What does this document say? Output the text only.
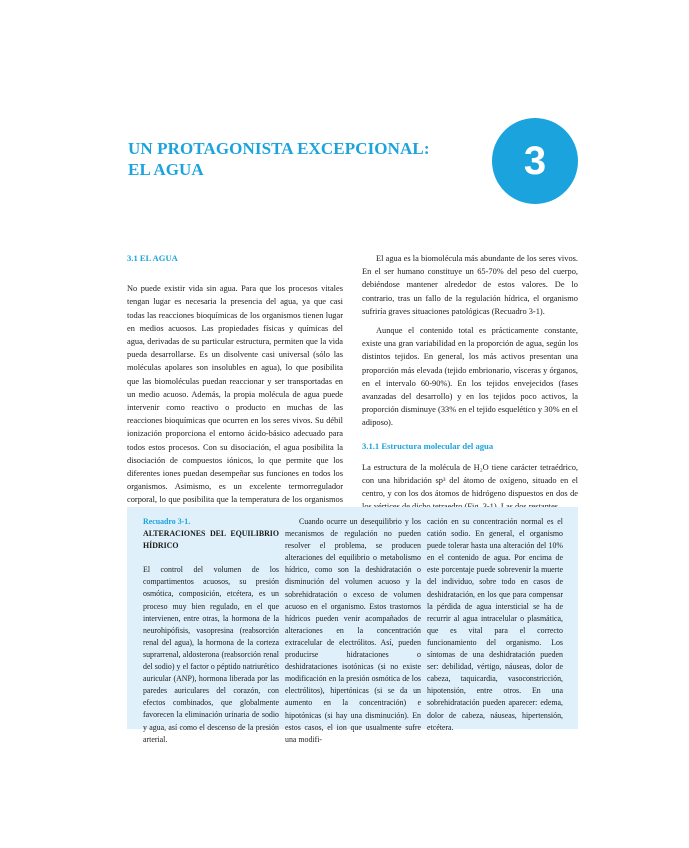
UN PROTAGONISTA EXCEPCIONAL:
EL AGUA	3
3.1 EL AGUA

No puede existir vida sin agua. Para que los procesos vitales tengan lugar es necesaria la presencia del agua, ya que casi todas las reacciones bioquímicas de los organismos tienen lugar en medios acuosos. Las propiedades físicas y químicas del agua, derivadas de su particular estructura, permiten que la vida pueda desarrollarse. Es un disolvente casi universal (sólo las moléculas apolares son insolubles en agua), lo que posibilita que las biomoléculas puedan reaccionar y ser transportadas en un medio acuoso. Además, la propia molécula de agua puede intervenir como reactivo o producto en muchas de las reacciones bioquímicas que ocurren en los seres vivos. Su débil ionización proporciona el entorno ácido-básico adecuado para todos estos procesos. Con su disociación, el agua posibilita la disociación de compuestos iónicos, lo que permite que los diferentes iones puedan desempeñar sus funciones en todos los organismos. Asimismo, es un excelente termorregulador corporal, lo que posibilita que la temperatura de los organismos

El agua es la biomolécula más abundante de los seres vivos. En el ser humano constituye un 65-70% del peso del cuerpo, debiéndose mantener alrededor de estos valores. De lo contrario, tras un fallo de la regulación hídrica, el organismo sufriría graves situaciones patológicas (Recuadro 3-1).

Aunque el contenido total es prácticamente constante, existe una gran variabilidad en la proporción de agua, según los distintos tejidos. En general, los más activos presentan una proporción más elevada (tejido embrionario, vísceras y órganos, en el intervalo 60-90%). En los tejidos envejecidos (fases avanzadas del desarrollo) y en los tejidos poco activos, la proporción disminuye (33% en el tejido esquelético y 30% en el adiposo).

3.1.1 Estructura molecular del agua

La estructura de la molécula de H₂O tiene carácter tetraédrico, con una hibridación sp³ del átomo de oxígeno, situado en el centro, y con los dos átomos de hidrógeno dispuestos en dos de

Recuadro 3-1.
ALTERACIONES DEL EQUILIBRIO HÍDRICO

El control del volumen de los compartimentos acuosos, su presión osmótica, composición, etcétera, es un proceso muy bien regulado, en el que intervienen, entre otras, la hormona de la neurohipófisis, vasopresina (reabsorción renal del agua), la hormona de la corteza suprarrenal, aldosterona (reabsorción renal del sodio) y el factor o péptido natriurético auricular (ANP), hormona liberada por las paredes auriculares del corazón, con efectos combinados, que globalmente favorecen la eliminación urinaria de sodio y agua, así como el descenso de la presión arterial.

Cuando ocurre un desequilibrio y los mecanismos de regulación no pueden resolver el problema, se producen alteraciones del equilibrio o metabolismo hídrico, como son la deshidratación o disminución del volumen acuoso y la sobrehidratación o exceso de volumen acuoso en el organismo. Estos trastornos hídricos pueden venir acompañados de alteraciones en la concentración extracelular de electrólitos. Así, pueden producirse hidrataciones o deshidrataciones isotónicas (si no existe modificación en la presión osmótica de los electrólitos), hipertónicas (si se da un aumento en la concentración) e hipotónicas (si hay una disminución). En estos casos, el ion que usualmente sufre una modifi-

cación en su concentración normal es el catión sodio. En general, el organismo puede tolerar hasta una alteración del 10% en el contenido de agua. Por encima de este porcentaje puede sobrevenir la muerte del individuo, sobre todo en casos de deshidratación, en los que para compensar la pérdida de agua intersticial se ha de recurrir al agua intracelular o plasmática, que es vital para el correcto funcionamiento del organismo. Los síntomas de una deshidratación pueden ser: debilidad, vértigo, náuseas, dolor de cabeza, taquicardia, vasoconstricción, hipotensión, entre otros. En una sobrehidratación pueden aparecer: edema, dolor de cabeza, náuseas, hipertensión, etcétera.
